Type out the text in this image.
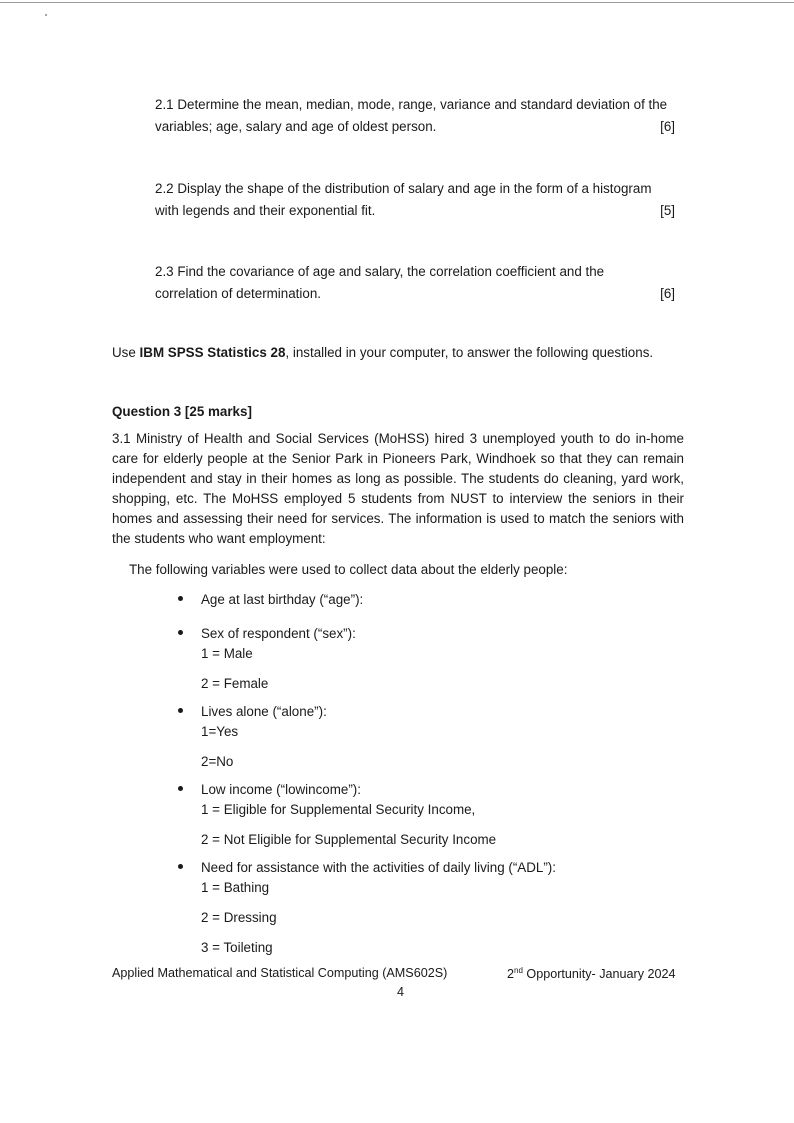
2.1 Determine the mean, median, mode, range, variance and standard deviation of the variables; age, salary and age of oldest person.	[6]
2.2 Display the shape of the distribution of salary and age in the form of a histogram with legends and their exponential fit.	[5]
2.3 Find the covariance of age and salary, the correlation coefficient and the correlation of determination.	[6]
Use IBM SPSS Statistics 28, installed in your computer, to answer the following questions.
Question 3 [25 marks]
3.1 Ministry of Health and Social Services (MoHSS) hired 3 unemployed youth to do in-home care for elderly people at the Senior Park in Pioneers Park, Windhoek so that they can remain independent and stay in their homes as long as possible. The students do cleaning, yard work, shopping, etc. The MoHSS employed 5 students from NUST to interview the seniors in their homes and assessing their need for services. The information is used to match the seniors with the students who want employment:
The following variables were used to collect data about the elderly people:
Age at last birthday (“age”):
Sex of respondent (“sex”):
1 = Male
2 = Female
Lives alone (“alone”):
1=Yes
2=No
Low income (“lowincome”):
1 = Eligible for Supplemental Security Income,
2 = Not Eligible for Supplemental Security Income
Need for assistance with the activities of daily living (“ADL”):
1 = Bathing
2 = Dressing
3 = Toileting
Applied Mathematical and Statistical Computing (AMS602S)	2nd Opportunity- January 2024
4
